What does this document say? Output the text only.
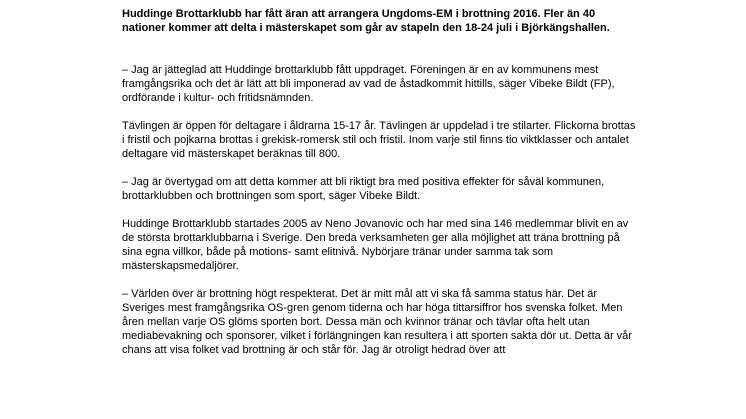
Huddinge Brottarklubb har fått äran att arrangera Ungdoms-EM i brottning 2016. Fler än 40 nationer kommer att delta i mästerskapet som går av stapeln den 18-24 juli i Björkängshallen.

– Jag är jätteglad att Huddinge brottarklubb fått uppdraget. Föreningen är en av kommunens mest framgångsrika och det är lätt att bli imponerad av vad de åstadkommit hittills, säger Vibeke Bildt (FP), ordförande i kultur- och fritidsnämnden.

Tävlingen är öppen för deltagare i åldrarna 15-17 år. Tävlingen är uppdelad i tre stilarter. Flickorna brottas i fristil och pojkarna brottas i grekisk-romersk stil och fristil. Inom varje stil finns tio viktklasser och antalet deltagare vid mästerskapet beräknas till 800.

– Jag är övertygad om att detta kommer att bli riktigt bra med positiva effekter för såväl kommunen, brottarklubben och brottningen som sport, säger Vibeke Bildt.

Huddinge Brottarklubb startades 2005 av Neno Jovanovic och har med sina 146 medlemmar blivit en av de största brottarklubbarna i Sverige. Den breda verksamheten ger alla möjlighet att träna brottning på sina egna villkor, både på motions- samt elitnivå. Nybörjare tränar under samma tak som mästerskapsmedaljörer.

– Världen över är brottning högt respekterat. Det är mitt mål att vi ska få samma status här. Det är Sveriges mest framgångsrika OS-gren genom tiderna och har höga tittarsiffror hos svenska folket. Men åren mellan varje OS glöms sporten bort. Dessa män och kvinnor tränar och tävlar ofta helt utan mediabevakning och sponsorer, vilket i förlängningen kan resultera i att sporten sakta dör ut. Detta är vår chans att visa folket vad brottning är och står för. Jag är otroligt hedrad över att
